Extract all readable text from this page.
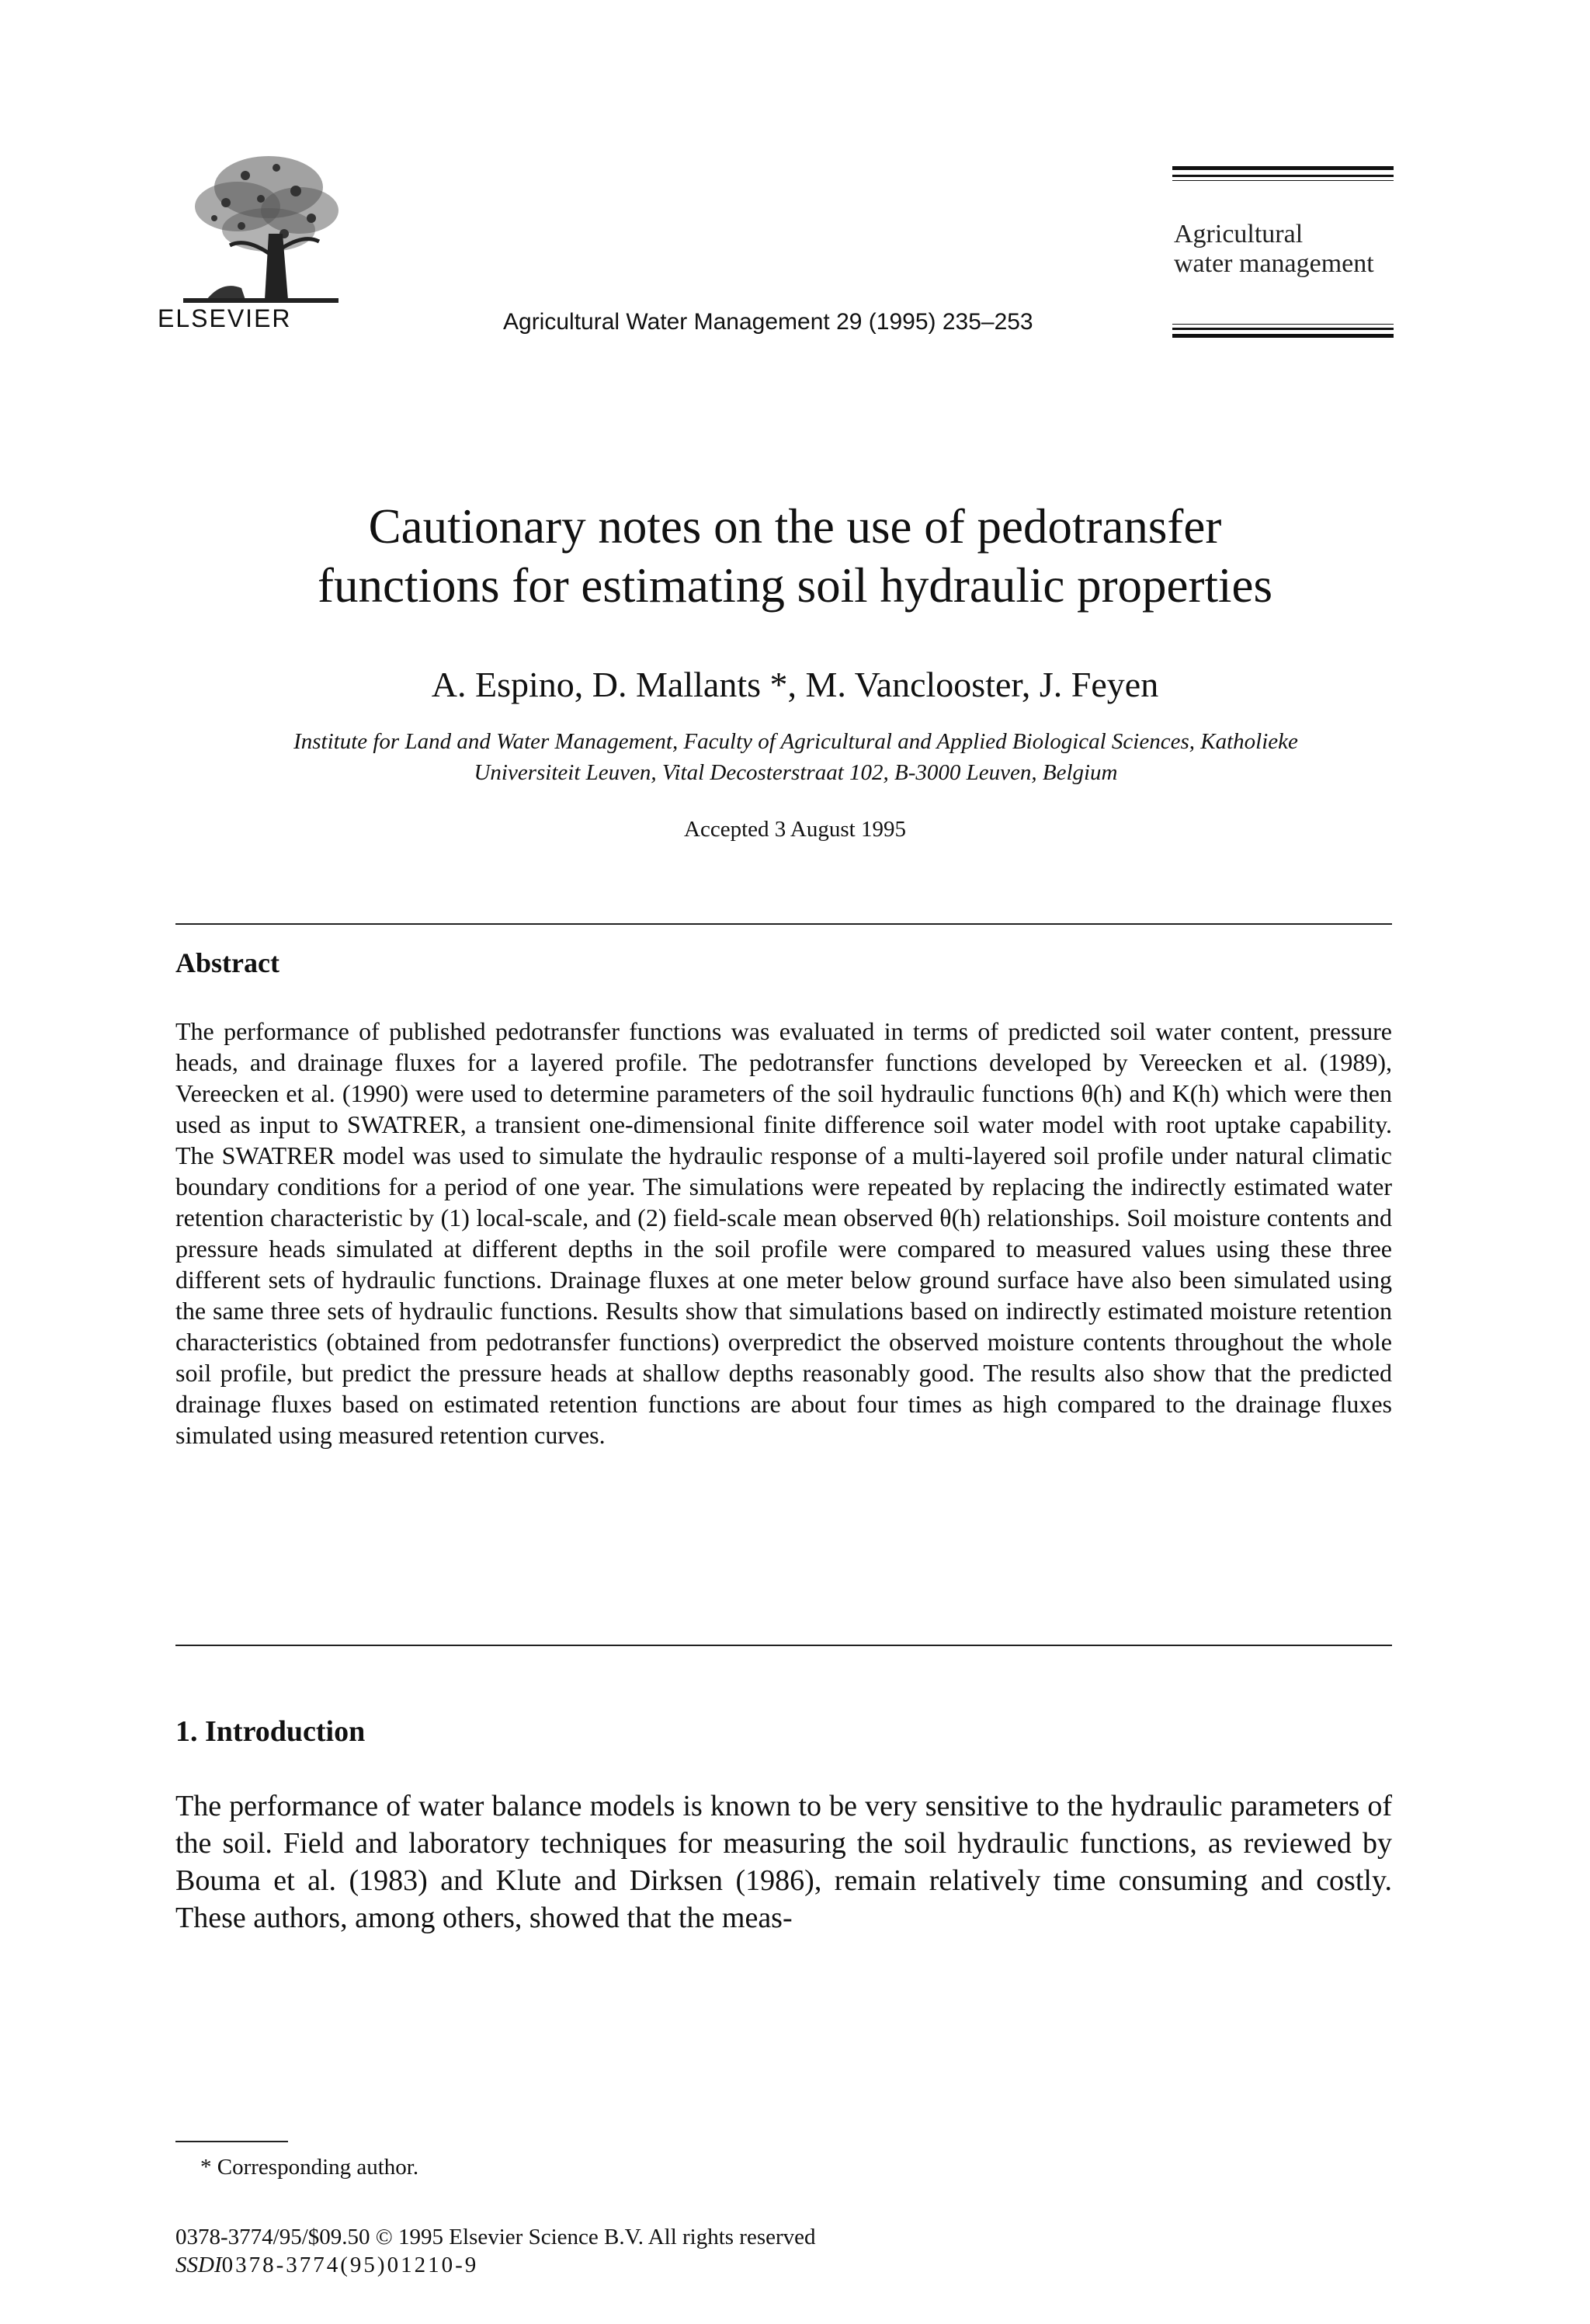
ELSEVIER	Agricultural Water Management 29 (1995) 235–253
Agricultural
water management
Cautionary notes on the use of pedotransfer
functions for estimating soil hydraulic properties
A. Espino, D. Mallants *, M. Vanclooster, J. Feyen
Institute for Land and Water Management, Faculty of Agricultural and Applied Biological Sciences, Katholieke
Universiteit Leuven, Vital Decosterstraat 102, B-3000 Leuven, Belgium
Accepted 3 August 1995
Abstract
The performance of published pedotransfer functions was evaluated in terms of predicted soil water content, pressure heads, and drainage fluxes for a layered profile. The pedotransfer functions developed by Vereecken et al. (1989), Vereecken et al. (1990) were used to determine parameters of the soil hydraulic functions θ(h) and K(h) which were then used as input to SWATRER, a transient one-dimensional finite difference soil water model with root uptake capability. The SWATRER model was used to simulate the hydraulic response of a multi-layered soil profile under natural climatic boundary conditions for a period of one year. The simulations were repeated by replacing the indirectly estimated water retention characteristic by (1) local-scale, and (2) field-scale mean observed θ(h) relationships. Soil moisture contents and pressure heads simulated at different depths in the soil profile were compared to measured values using these three different sets of hydraulic functions. Drainage fluxes at one meter below ground surface have also been simulated using the same three sets of hydraulic functions. Results show that simulations based on indirectly estimated moisture retention characteristics (obtained from pedotransfer functions) overpredict the observed moisture contents throughout the whole soil profile, but predict the pressure heads at shallow depths reasonably good. The results also show that the predicted drainage fluxes based on estimated retention functions are about four times as high compared to the drainage fluxes simulated using measured retention curves.
1. Introduction
The performance of water balance models is known to be very sensitive to the hydraulic parameters of the soil. Field and laboratory techniques for measuring the soil hydraulic functions, as reviewed by Bouma et al. (1983) and Klute and Dirksen (1986), remain relatively time consuming and costly. These authors, among others, showed that the meas-
* Corresponding author.
0378-3774/95/$09.50 © 1995 Elsevier Science B.V. All rights reserved
SSDI0378-3774(95)01210-9
